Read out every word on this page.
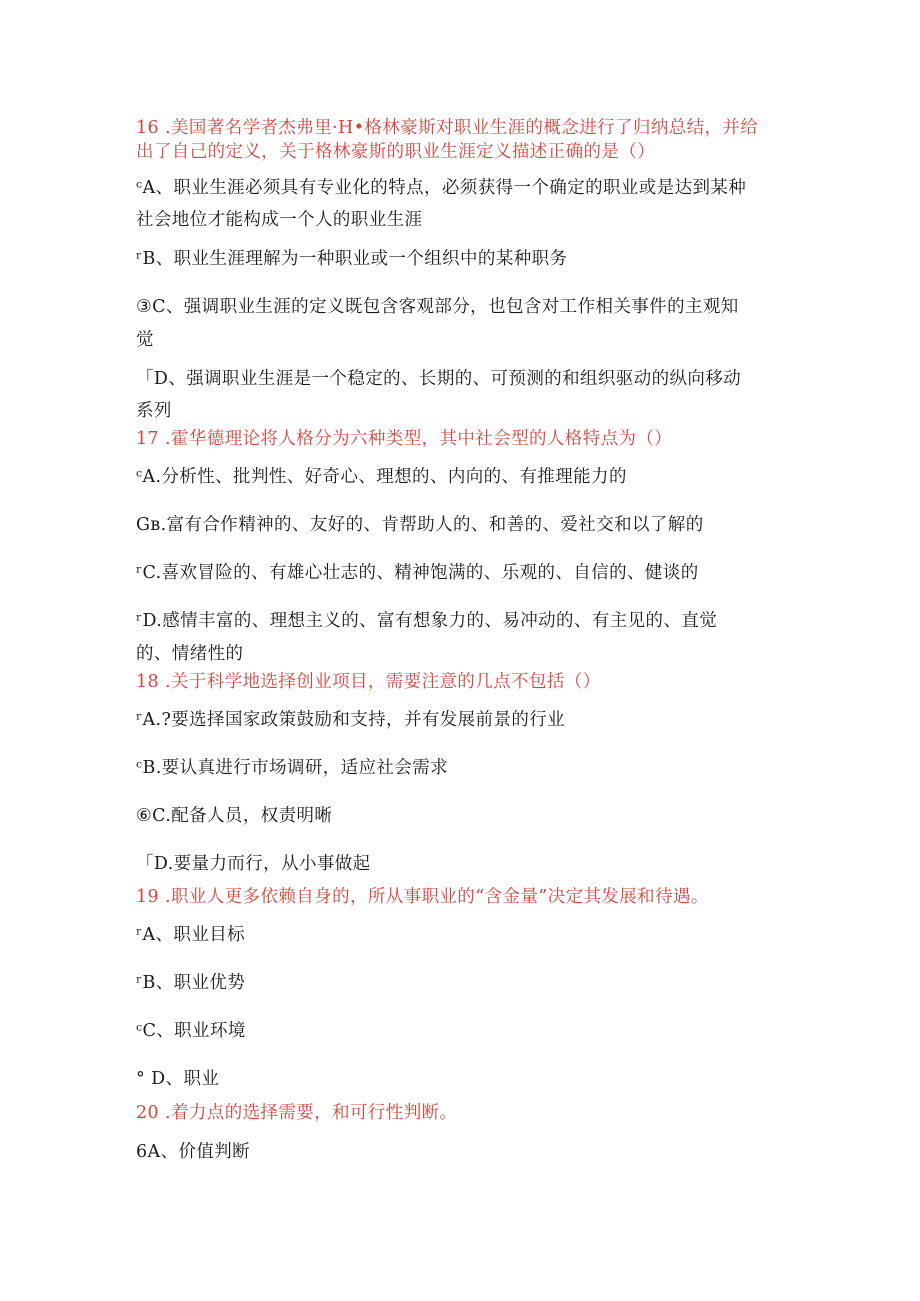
16 .美国著名学者杰弗里·H•格林豪斯对职业生涯的概念进行了归纳总结，并给
出了自己的定义，关于格林豪斯的职业生涯定义描述正确的是（）
ᶜA、职业生涯必须具有专业化的特点，必须获得一个确定的职业或是达到某种
社会地位才能构成一个人的职业生涯
ʳB、职业生涯理解为一种职业或一个组织中的某种职务
③C、强调职业生涯的定义既包含客观部分，也包含对工作相关事件的主观知
觉
「D、强调职业生涯是一个稳定的、长期的、可预测的和组织驱动的纵向移动
系列
17 .霍华德理论将人格分为六种类型，其中社会型的人格特点为（）
ᶜA.分析性、批判性、好奇心、理想的、内向的、有推理能力的
Gв.富有合作精神的、友好的、肯帮助人的、和善的、爱社交和以了解的
ʳC.喜欢冒险的、有雄心壮志的、精神饱满的、乐观的、自信的、健谈的
ʳD.感情丰富的、理想主义的、富有想象力的、易冲动的、有主见的、直觉
的、情绪性的
18 .关于科学地选择创业项目，需要注意的几点不包括（）
ʳA.?要选择国家政策鼓励和支持，并有发展前景的行业
ᶜB.要认真进行市场调研，适应社会需求
⑥C.配备人员，权责明晰
「D.要量力而行，从小事做起
19 .职业人更多依赖自身的，所从事职业的“含金量”决定其发展和待遇。
ʳA、职业目标
ʳB、职业优势
ᶜC、职业环境
° D、职业
20 .着力点的选择需要，和可行性判断。
6A、价值判断
